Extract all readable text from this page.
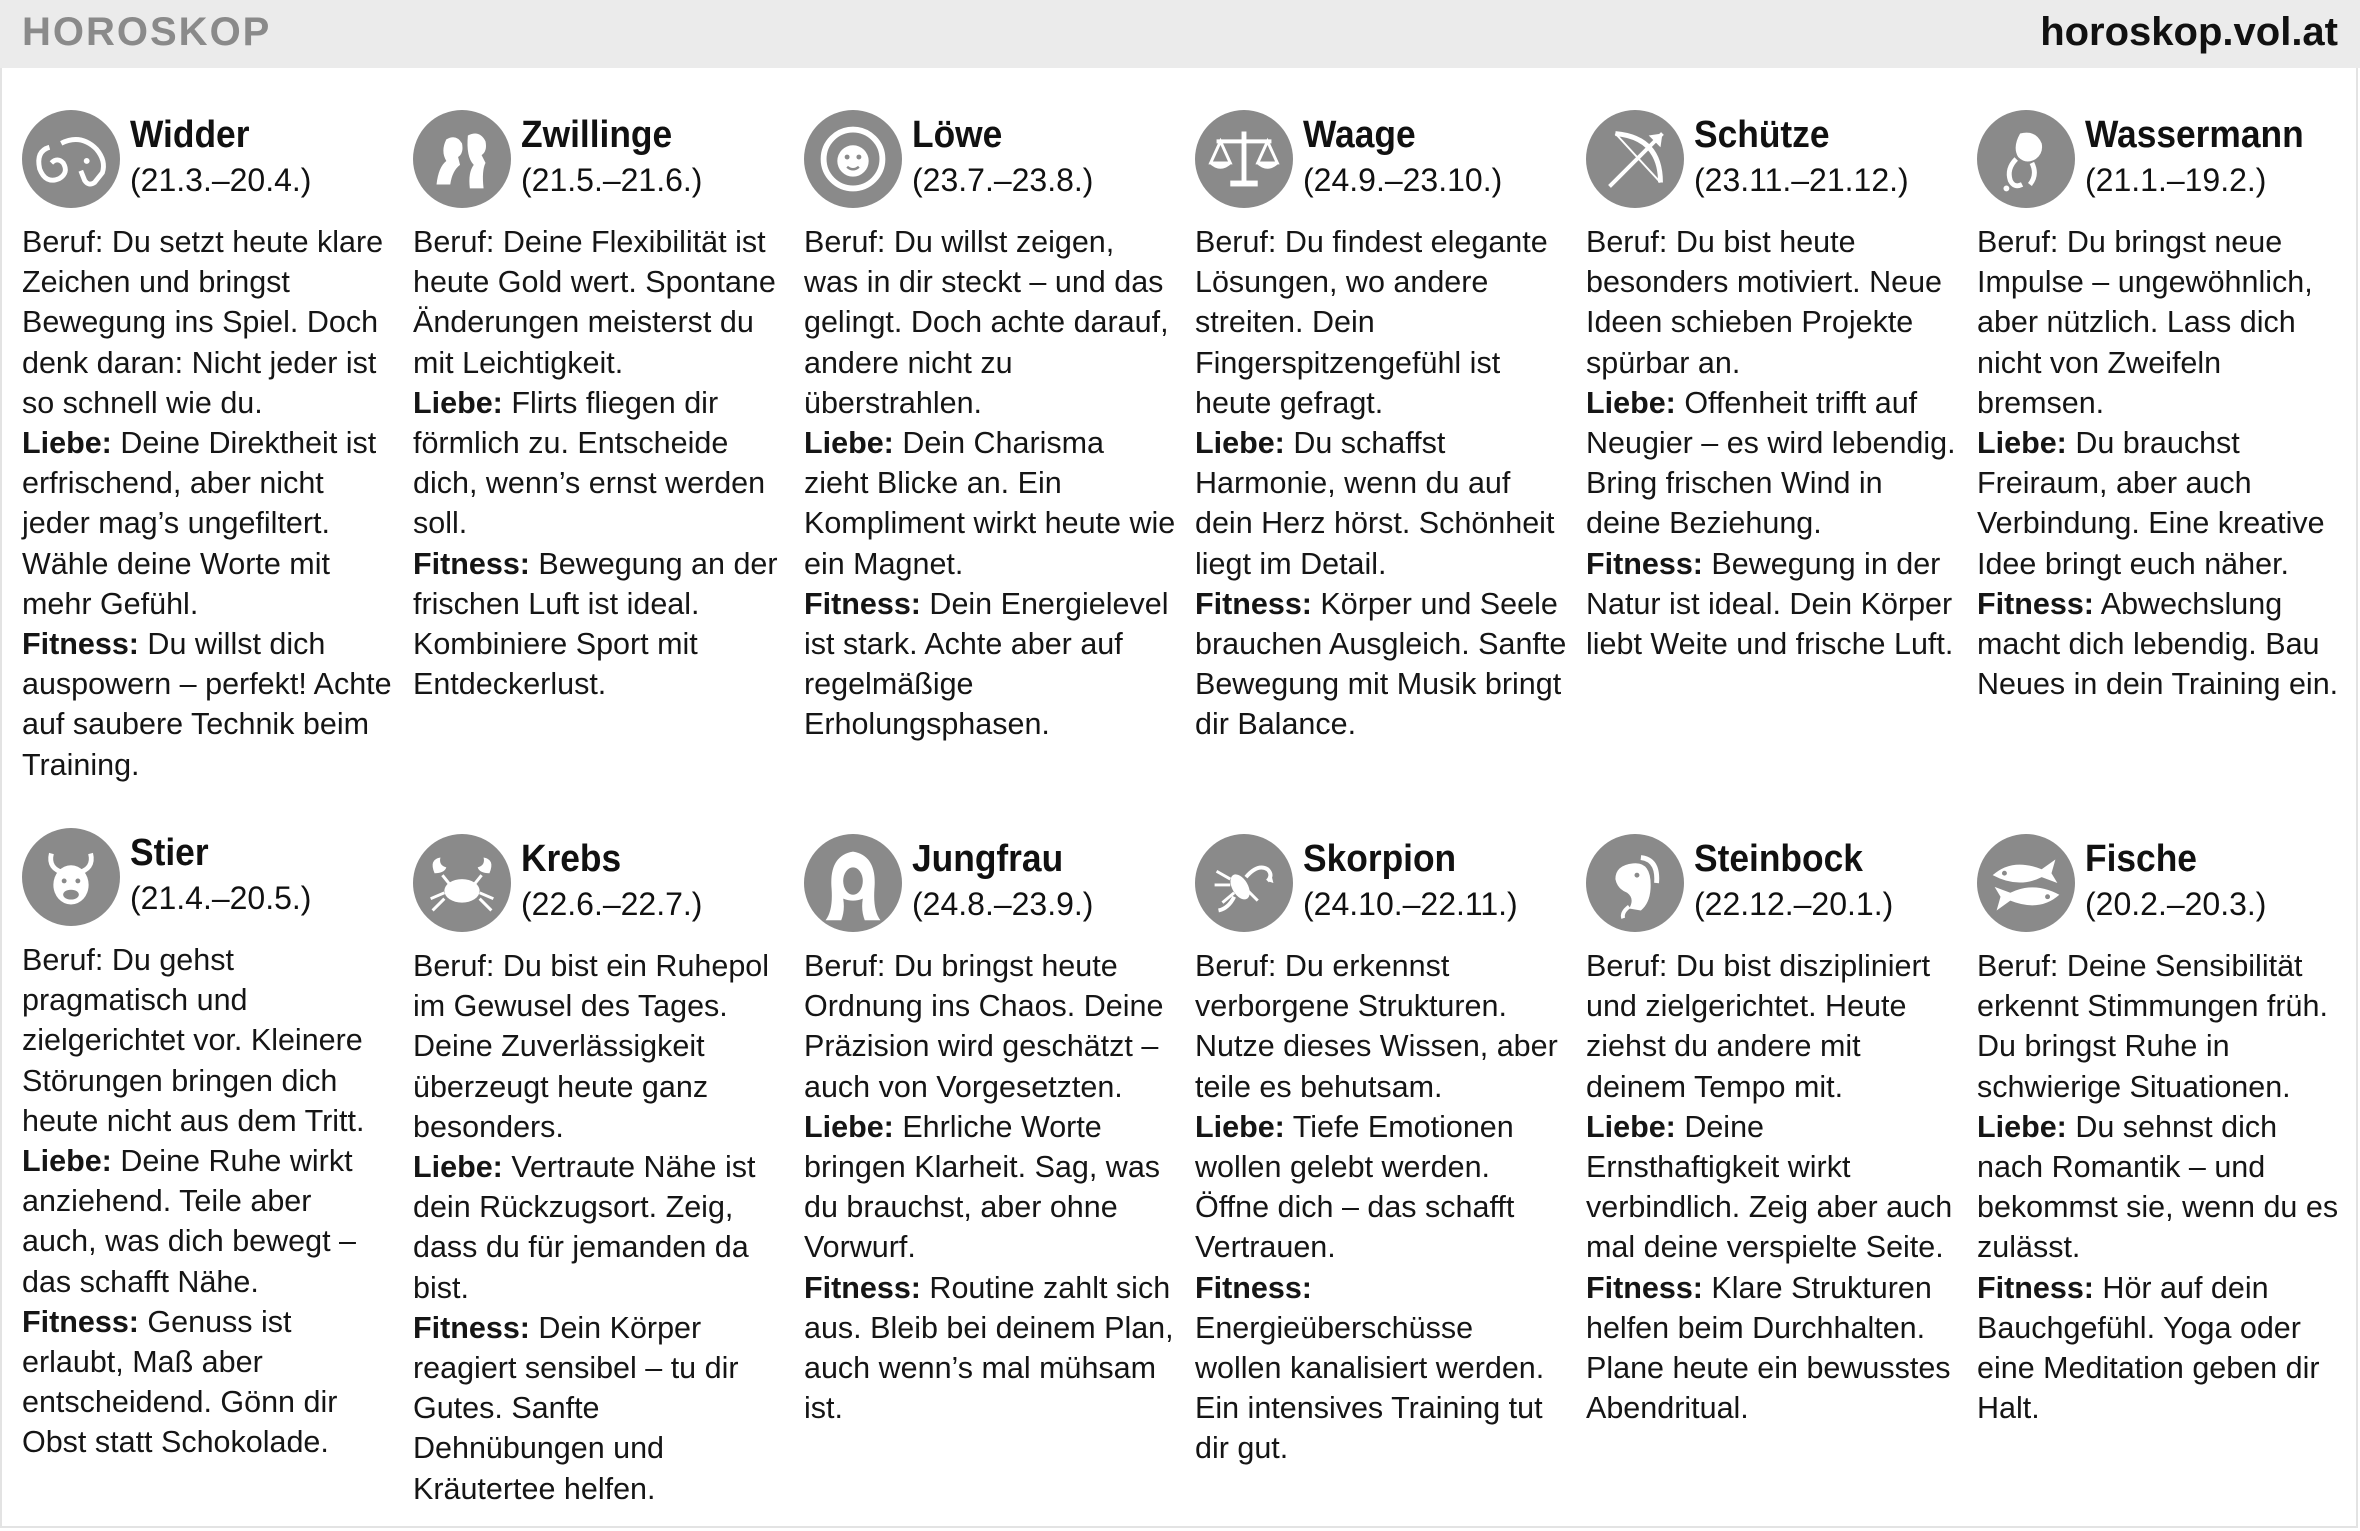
HOROSKOP	horoskop.vol.at
Widder
(21.3.–20.4.)

Beruf: Du setzt heute klare Zeichen und bringst Bewegung ins Spiel. Doch denk daran: Nicht jeder ist so schnell wie du.

Liebe: Deine Direktheit ist erfrischend, aber nicht jeder mag’s ungefiltert. Wähle deine Worte mit mehr Gefühl.

Fitness: Du willst dich auspowern – perfekt! Achte auf saubere Technik beim Training.

Zwillinge
(21.5.–21.6.)

Beruf: Deine Flexibilität ist heute Gold wert. Spontane Änderungen meisterst du mit Leichtigkeit.

Liebe: Flirts fliegen dir förmlich zu. Entscheide dich, wenn’s ernst werden soll.

Fitness: Bewegung an der frischen Luft ist ideal. Kombiniere Sport mit Entdeckerlust.

Löwe
(23.7.–23.8.)

Beruf: Du willst zeigen, was in dir steckt – und das gelingt. Doch achte darauf, andere nicht zu überstrahlen.

Liebe: Dein Charisma zieht Blicke an. Ein Kompliment wirkt heute wie ein Magnet.

Fitness: Dein Energielevel ist stark. Achte aber auf regelmäßige Erholungsphasen.

Waage
(24.9.–23.10.)

Beruf: Du findest elegante Lösungen, wo andere streiten. Dein Fingerspitzengefühl ist heute gefragt.

Liebe: Du schaffst Harmonie, wenn du auf dein Herz hörst. Schönheit liegt im Detail.

Fitness: Körper und Seele brauchen Ausgleich. Sanfte Bewegung mit Musik bringt dir Balance.

Schütze
(23.11.–21.12.)

Beruf: Du bist heute besonders motiviert. Neue Ideen schieben Projekte spürbar an.

Liebe: Offenheit trifft auf Neugier – es wird lebendig. Bring frischen Wind in deine Beziehung.

Fitness: Bewegung in der Natur ist ideal. Dein Körper liebt Weite und frische Luft.

Wassermann
(21.1.–19.2.)

Beruf: Du bringst neue Impulse – ungewöhnlich, aber nützlich. Lass dich nicht von Zweifeln bremsen.

Liebe: Du brauchst Freiraum, aber auch Verbindung. Eine kreative Idee bringt euch näher.

Fitness: Abwechslung macht dich lebendig. Bau Neues in dein Training ein.

Stier
(21.4.–20.5.)

Beruf: Du gehst pragmatisch und zielgerichtet vor. Kleinere Störungen bringen dich heute nicht aus dem Tritt.

Liebe: Deine Ruhe wirkt anziehend. Teile aber auch, was dich bewegt – das schafft Nähe.

Fitness: Genuss ist erlaubt, Maß aber entscheidend. Gönn dir Obst statt Schokolade.

Krebs
(22.6.–22.7.)

Beruf: Du bist ein Ruhepol im Gewusel des Tages. Deine Zuverlässigkeit überzeugt heute ganz besonders.

Liebe: Vertraute Nähe ist dein Rückzugsort. Zeig, dass du für jemanden da bist.

Fitness: Dein Körper reagiert sensibel – tu dir Gutes. Sanfte Dehnübungen und Kräutertee helfen.

Jungfrau
(24.8.–23.9.)

Beruf: Du bringst heute Ordnung ins Chaos. Deine Präzision wird geschätzt – auch von Vorgesetzten.

Liebe: Ehrliche Worte bringen Klarheit. Sag, was du brauchst, aber ohne Vorwurf.

Fitness: Routine zahlt sich aus. Bleib bei deinem Plan, auch wenn’s mal mühsam ist.

Skorpion
(24.10.–22.11.)

Beruf: Du erkennst verborgene Strukturen. Nutze dieses Wissen, aber teile es behutsam.

Liebe: Tiefe Emotionen wollen gelebt werden. Öffne dich – das schafft Vertrauen.

Fitness: Energieüberschüsse wollen kanalisiert werden. Ein intensives Training tut dir gut.

Steinbock
(22.12.–20.1.)

Beruf: Du bist diszipliniert und zielgerichtet. Heute ziehst du andere mit deinem Tempo mit.

Liebe: Deine Ernsthaftigkeit wirkt verbindlich. Zeig aber auch mal deine verspielte Seite.

Fitness: Klare Strukturen helfen beim Durchhalten. Plane heute ein bewusstes Abendritual.

Fische
(20.2.–20.3.)

Beruf: Deine Sensibilität erkennt Stimmungen früh. Du bringst Ruhe in schwierige Situationen.

Liebe: Du sehnst dich nach Romantik – und bekommst sie, wenn du es zulässt.

Fitness: Hör auf dein Bauchgefühl. Yoga oder eine Meditation geben dir Halt.
